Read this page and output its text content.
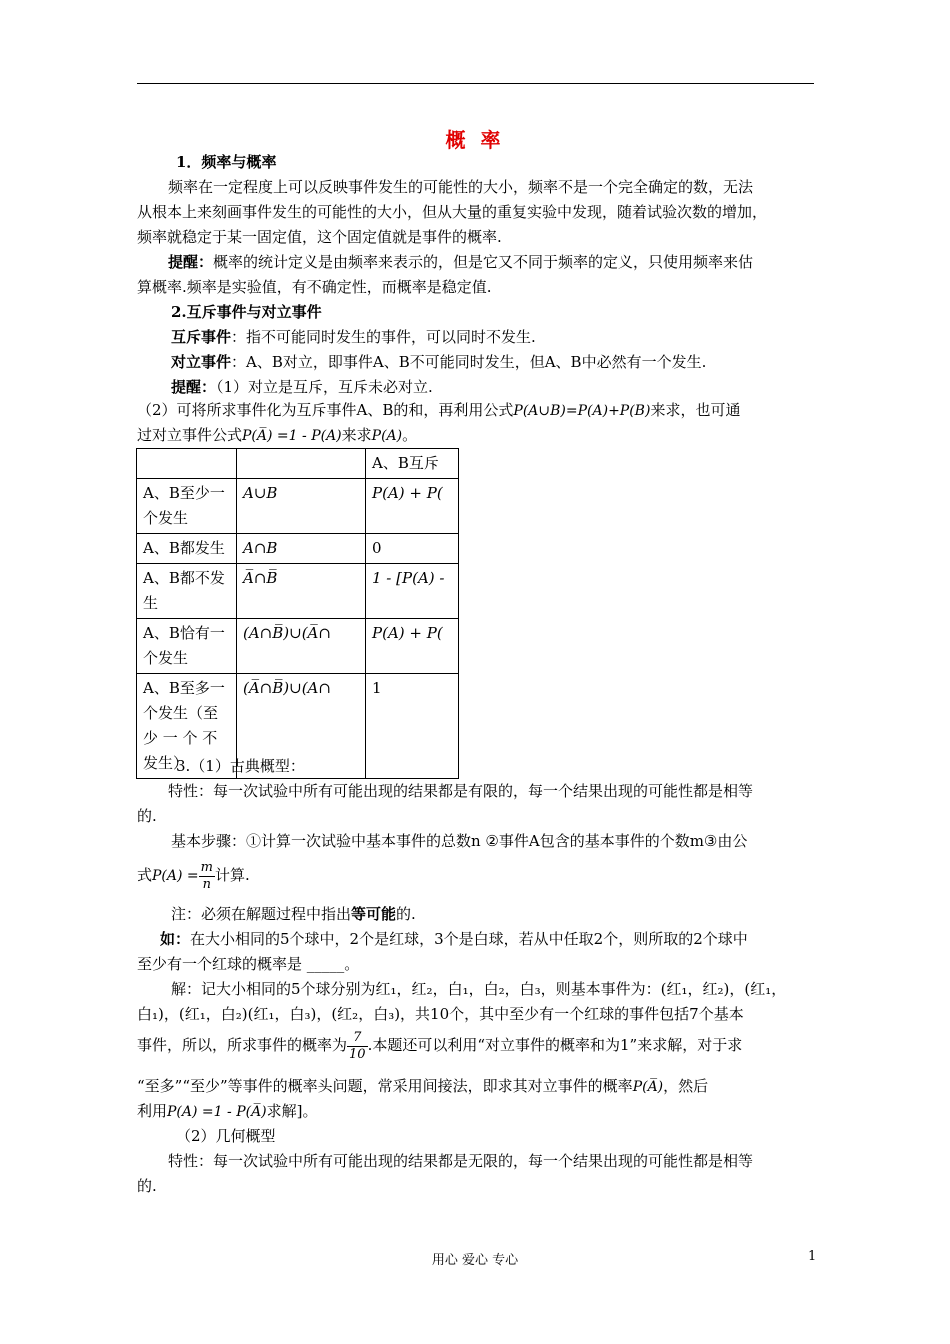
概 率
1．频率与概率
频率在一定程度上可以反映事件发生的可能性的大小，频率不是一个完全确定的数，无法
从根本上来刻画事件发生的可能性的大小，但从大量的重复实验中发现，随着试验次数的增加，
频率就稳定于某一固定值，这个固定值就是事件的概率.
提醒：概率的统计定义是由频率来表示的，但是它又不同于频率的定义，只使用频率来估
算概率.频率是实验值，有不确定性，而概率是稳定值.
2.互斥事件与对立事件
互斥事件：指不可能同时发生的事件，可以同时不发生.
对立事件：A、B对立，即事件A、B不可能同时发生，但A、B中必然有一个发生.
提醒：（1）对立是互斥，互斥未必对立.
（2）可将所求事件化为互斥事件A、B的和，再利用公式P(A∪B)=P(A)+P(B)来求，也可通
过对立事件公式P(A̅) =1 - P(A)来求P(A)。
		A、B互斥
A、B至少一个发生	A∪B	P(A) + P(
A、B都发生	A∩B	0
A、B都不发生	A̅∩B̅	1 - [P(A) -
A、B恰有一个发生	(A∩B̅)∪(A̅∩	P(A) + P(
A、B至多一个发生（至少 一 个 不发生）	(A̅∩B̅)∪(A∩	1
3.（1）古典概型：
特性：每一次试验中所有可能出现的结果都是有限的，每一个结果出现的可能性都是相等
的.
基本步骤：①计算一次试验中基本事件的总数n ②事件A包含的基本事件的个数m③由公
式$P(A) = \frac{m}{n}$ 计算.
注：必须在解题过程中指出等可能的.
如：在大小相同的5个球中，2个是红球，3个是白球，若从中任取2个，则所取的2个球中
至少有一个红球的概率是 _____。
解：记大小相同的5个球分别为红₁，红₂，白₁，白₂，白₃，则基本事件为：(红₁，红₂)，(红₁，
白₁)，(红₁，白₂)(红₁，白₃)，(红₂，白₃)，共10个，其中至少有一个红球的事件包括7个基本
事件，所以，所求事件的概率为 $\frac{7}{10}$ .本题还可以利用“对立事件的概率和为1”来求解，对于求
“至多”“至少”等事件的概率头问题，常采用间接法，即求其对立事件的概率P(A̅)，然后
利用P(A) =1 - P(A̅)求解]。
（2）几何概型
特性：每一次试验中所有可能出现的结果都是无限的，每一个结果出现的可能性都是相等
的.
用心 爱心 专心	1
